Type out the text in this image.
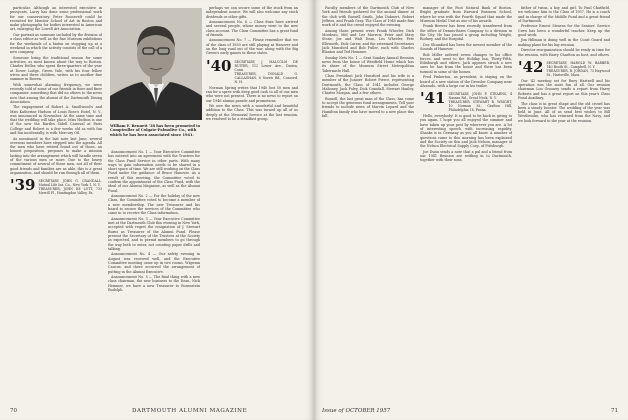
particular. Although an interested executive in pussycats, Larry has done some professional work for our conservatory. Peter Roosevelt could be recruited for Monitor School of Art in Boston and make photographs for bodies interested in American art, enlarging the Lowell Art Association.

Our portrait as someone included by the division of a class editor as well as the fine Museum exhibitions for the weekends of a hiatus on stopping up at a weekend in which the activity consists of the call of a new company.

Someone bring the traditional season for some activities, as most known about the way to Boston. Charles Heller, who spent three-quarters of the year at Dover Lodge, Green Vale, with his four fellow wives and three children, writes as to another fine summer in Bowen.

With somewhat alarming frequency, we were recently told of some of our friends in finer and finer companies: something that did no others to the news now that among the alumni of the Dartmouth Dining Association.

The engagement of Robert A. Smallwood's and Miss Katherine Hudson of Louis Rose's Hotel, N. Y., was announced in November. At the same time and that the wedding will take place. Miss Hudson is one of the new the Bartles Sidell Carnival at Paris College and Robert is a few weeks old as with fun and fun incidentally, is with Mercury Oil.

As mentioned in the last note last June, several overseas members have stepped into the agenda. All the men who have retired found out of those, an honest proposition, proposes to make a mission lasting into the arrangement which will handle seven of the various men or more. Due to the heavy commitment of several of these men, not all of their good friends and families are as able, this is a great organization, and should be run through all of them.

'39 SECRETARY, JOHN G. CRANDALL, Mutual Life Ins. Co., New York 1, N. Y.
TREASURER, JOHN DE LOTT, 733 Merrill Pl., Huntingdon Valley, Pa.
William F. Bennett '38 has been promoted to Comptroller of Colgate-Palmolive Co., with which he has been associated since 1941.

Announcement No. 1 — Your Executive Committee has entered into an agreement with the Trustees for the Class Fund Service in other parts. With many ways to gain information needs to be shared in a short space of time. We are still working on the Class Fund under the guidance of Bruce Hanover. As a result of this meeting, the Committee voted to confirm the appointment of the Class Fund, with the ideal of our Alumni Magazine, as well as the Alumni Fund.

Announcement No. 2 — For the holiday of the new Class, the Committee voted to become a member of a new membership. The new Treasurer and his board to secure the services of the Committee who came in to receive the Class information.

Announcement No. 3 — Your Executive Committee met at the Dartmouth Club this evening in New York, accepted with regret the resignation of J. Stewart Burns as Treasurer of the Alumni Fund. Please present the Secretary of the Trustees at the Society as expected, and to permit members to go through the way both to enter, not counting paper drills and talking.

Announcement No. 4 — Our safety evening in August was received well, and the Executive Committee meeting came up in two rooms. Wigwam Caucus, and there occurred the arrangement of putting in the Alumni Executive.

Announcement No. 5 — The final thing with a new class chairman, the new business to the Dean, Nick Hemmer, we have a new Treasurer to Rosenstein Rudolph.

perhaps we can secure some of the stock from an independent source. We will also welcome any stock dividends or other gifts.

Announcement No. 6 — Class dues have arrived and several people, whose money went to the new class account. The Class Committee has a great fund of friends.

Announcement No. 7 — Please remember that we of the class of 1939 are still playing at Hanover and on the long road out of the war, along with the Big Green's early games in these states.

'40 SECRETARY, J. MALCOLM DE RUITER, 112 Lower Ave., Darien, Conn.
TREASURER, DONALD G. CALLAGHAN, 6 Norris Rd., Concord, N. H.

Norman Spring writes that 1940 lost 50 men and ran for a spree with deep good cash to all of our men who were not present. There is no news to report on our 1946 alumni parade and promotions.

We owe the news with a wonderful and beautiful addition to the Class. This was turned up all of us deeply at the Memorial Service at the last reunion, we resolved to be a steadfast group.

70	DARTMOUTH ALUMNI MAGAZINE

Faculty members of the Dartmouth Club of New York and friends gathered for the annual dinner at the club with Russell Smith, John Dahnert, Robert Jeffries, and Frank Gray. The Class of 1940 made fine work of it and the crowd enjoyed the evening.

Among those present were Frank Wheeler, Dick Mordeau, Mel and Lee Morrow, Peter and Mary Stone, Joe and Walt Dean, Les Wheeler, Pete Ellsworth, Dick Carew, and the esteemed Secretaries Jack Munsford and Bob Fuller, each with Charles Blanton and Ted Hemmer.

Sunday Nets No. 1 — Sent Sunday Annual Reunion news from the house of Westfield Home which has its share of the Museum Street Metropolitan Tabernacle Hall.

Class President Jack Hunsford and his wife is a member of the Juniors' Robert Pierce, representing Dartmouth, the Class of 1941 includes George Mahoney, Jack Foley, Dick Crandall, Stewart Hanley, Charles Morgan, and a few others.

Russell, the last great man of the Class, has come to accept the generous fund arrangements. Tell your friends to include news of Marvin Lepard and the Hamilton family who have moved to a new place this fall.

manager of the Foot Natural Bank of Boston. Bright graduate from Harvard Business School, where he was with the Fourth Squad that made the Museum Medal Unit as one of his awards.

Frank Brewer has been recently transferred from the office of Dennis-Bates Company to a division in the City. He has joined a group including Wright, Rodney, and the Hospital.

Doc Shumford has been the newest member of the Sounds of Hanover.

Bob Miller ordered seven changes to his office forces, and went to the Holiday Inn, Thirty-Fifth, Edinburgh and others. Jack appears struck a new ones he has from the house and there has been turmoil in some of the homes.

Fred Pinkerton, as president, is staying on the board of a new station of the Dressler Company near Alvarado, with a large car in his trailer.

'41 SECRETARY, JOHN P. STEARNS, 4 Nassau Rd., Great Neck, N. Y.
TREASURER, STEWART R. WRIGHT, 10 Norman St., Grafton Hill, Philadelphia 18, Penna.

Hello, everybody! It is good to be back in giving to you again. I hope you all enjoyed the summer and have taken up your post by wherever you are. A lot of interesting speech with increasing rapidity. Shanks is in Germany as you all know. A number of questions came to this morning has been explained and the Society on this and Jack Nelson, manager of the Nelson Electrical Supply Corp. of Pittsburgh.

Joe Dunn sends a note that a pal and a friend from our 1941 Reunion are settling in to Dartmouth, together with their sons.

father of twins, a boy and girl. To Paul Chatfield, we welcome him to the Class of 1957. He is a coach and in charge of the Middle Fund and a great friend of Dartmouth.

Professor Ernest Stearns for the Seniors' Service Crew has been a wonderful teacher. Keep up the good work.

Jim Hillman is doing well in the Coast Guard and making plans for his big reunion.

Director reorganization should be ready in time for the reunion, with Harry Charlton as host, and others.

'42 SECRETARY, HAROLD W. BARBER, 140 Booth St., Campbell, N. Y.
TREASURER, R. JORDAN, 73 Haywood St., Hartsville, Mass.

Our '42 meeting set for Ruey Hartnell and his operation was the most fun of all. Our reunion chairman Lou Grooney sends a report from Harry Roberts and has a great report on this year's Class Fund Auxiliary.

The class is in great shape and the old crowd has been a steady booster. The wedding of the year was held in June. All of us send best wishes to Bill Westbrooke, who has returned from the Navy, and we look forward to the year at the reunion.

Issue of OCTOBER 1957	71
